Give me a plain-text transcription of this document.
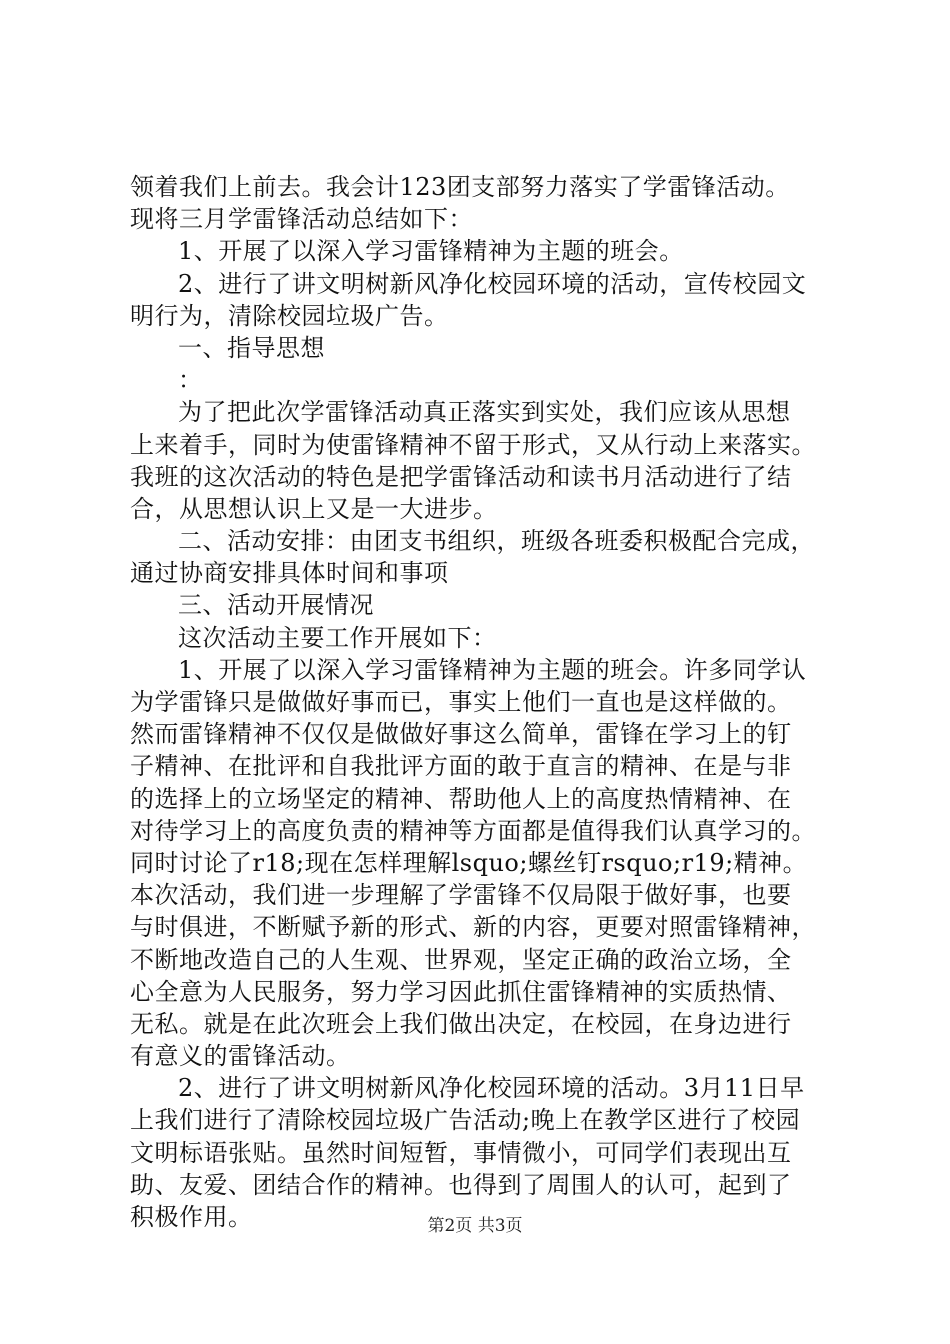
领着我们上前去。我会计123团支部努力落实了学雷锋活动。
现将三月学雷锋活动总结如下：
1、开展了以深入学习雷锋精神为主题的班会。
2、进行了讲文明树新风净化校园环境的活动，宣传校园文
明行为，清除校园垃圾广告。
一、指导思想
：
为了把此次学雷锋活动真正落实到实处，我们应该从思想
上来着手，同时为使雷锋精神不留于形式，又从行动上来落实。
我班的这次活动的特色是把学雷锋活动和读书月活动进行了结
合，从思想认识上又是一大进步。
二、活动安排：由团支书组织，班级各班委积极配合完成，
通过协商安排具体时间和事项
三、活动开展情况
这次活动主要工作开展如下：
1、开展了以深入学习雷锋精神为主题的班会。许多同学认
为学雷锋只是做做好事而已，事实上他们一直也是这样做的。
然而雷锋精神不仅仅是做做好事这么简单，雷锋在学习上的钉
子精神、在批评和自我批评方面的敢于直言的精神、在是与非
的选择上的立场坚定的精神、帮助他人上的高度热情精神、在
对待学习上的高度负责的精神等方面都是值得我们认真学习的。
同时讨论了r18;现在怎样理解lsquo;螺丝钉rsquo;r19;精神。
本次活动，我们进一步理解了学雷锋不仅局限于做好事，也要
与时俱进，不断赋予新的形式、新的内容，更要对照雷锋精神，
不断地改造自己的人生观、世界观，坚定正确的政治立场，全
心全意为人民服务，努力学习因此抓住雷锋精神的实质热情、
无私。就是在此次班会上我们做出决定，在校园，在身边进行
有意义的雷锋活动。
2、进行了讲文明树新风净化校园环境的活动。3月11日早
上我们进行了清除校园垃圾广告活动;晚上在教学区进行了校园
文明标语张贴。虽然时间短暂，事情微小，可同学们表现出互
助、友爱、团结合作的精神。也得到了周围人的认可，起到了
积极作用。	第2页 共3页
